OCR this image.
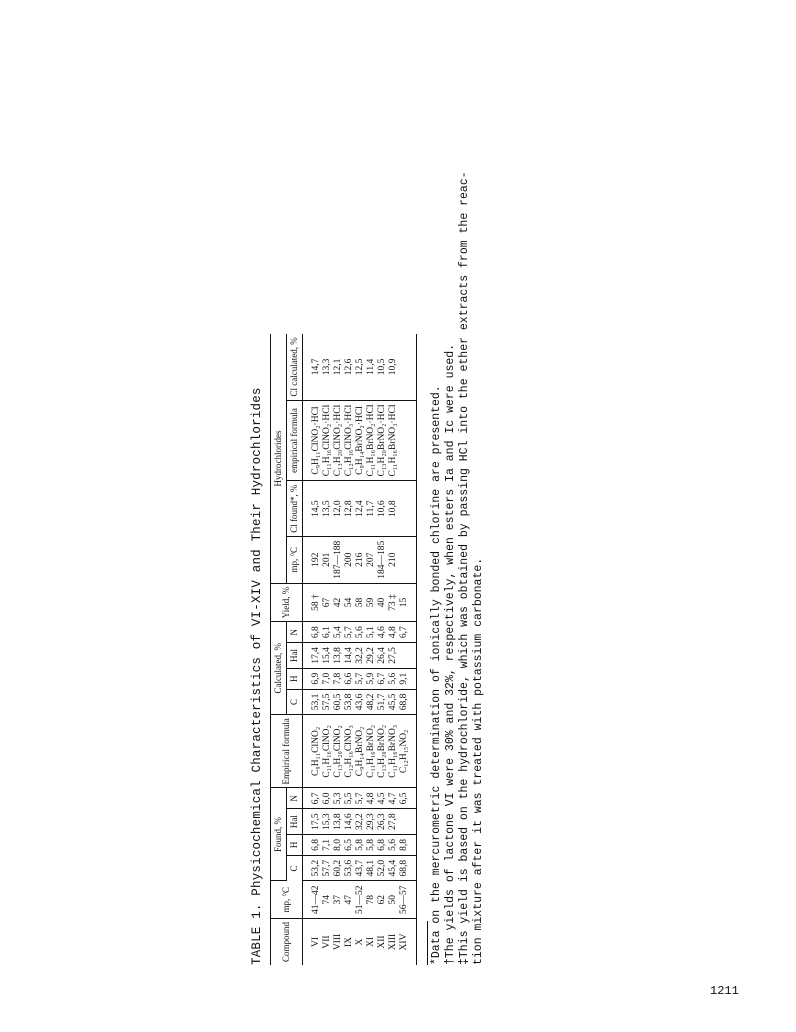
TABLE 1. Physicochemical Characteristics of VI-XIV and Their Hydrochlorides Compound	mp, °C	Found, %				Empirical formula	Calculated, %				Yield, %	Hydrochlorides			
		C	H	Hal	N		C	H	Hal	N		mp, °C	Cl found*, %	empirical formula	Cl calculated, %
VI	41—42	53,2	6,8	17,5	6,7	C₉H₁₁ClNO₂	53,1	6,9	17,4	6,8	58 †	192	14,5	C₉H₁₁ClNO₂·HCl	14,7
VII	74	57,7	7,1	15,3	6,0	C₁₁H₁₆ClNO₂	57,5	7,0	15,4	6,1	67	201	13,5	C₁₁H₁₆ClNO₂·HCl	13,3
VIII	37	60,2	8,0	13,8	5,3	C₁₃H₂₀ClNO₂	60,5	7,8	13,8	5,4	42	187—188	12,0	C₁₃H₂₀ClNO₂·HCl	12,1
IX	47	53,6	6,5	14,6	5,5	C₁₂H₁₆ClNO₃	53,8	6,6	14,4	5,7	54	200	12,8	C₁₂H₁₆ClNO₃·HCl	12,6
X	51—52	43,7	5,8	32,2	5,7	C₉H₁₄BrNO₂	43,6	5,7	32,2	5,6	58	216	12,4	C₉H₁₄BrNO₂·HCl	12,5
XI	78	48,1	5,8	29,3	4,8	C₁₁H₁₆BrNO₂	48,2	5,9	29,2	5,1	59	207	11,7	C₁₁H₁₆BrNO₂·HCl	11,4
XII	62	52,0	6,8	26,3	4,5	C₁₃H₂₀BrNO₂	51,7	6,7	26,4	4,6	40	184—185	10,6	C₁₃H₂₀BrNO₂·HCl	10,5
XIII	50	45,4	5,6	27,8	4,7	C₁₁H₁₆BrNO₃	45,5	5,6	27,5	4,8	73 ‡	210	10,8	C₁₁H₁₆BrNO₃·HCl	10,9
XIV	56—57	68,8	8,8		6,5	C₁₂H₁₅NO₂	68,8	9,1		6,7	15				*Data on the mercurometric determination of ionically bonded chlorine are presented. †The yields of lactone VI were 30% and 32%, respectively, when esters Ia and Ic were used. ‡This yield is based on the hydrochloride, which was obtained by passing HCl into the ether extracts from the reac- tion mixture after it was treated with potassium carbonate.
1211
